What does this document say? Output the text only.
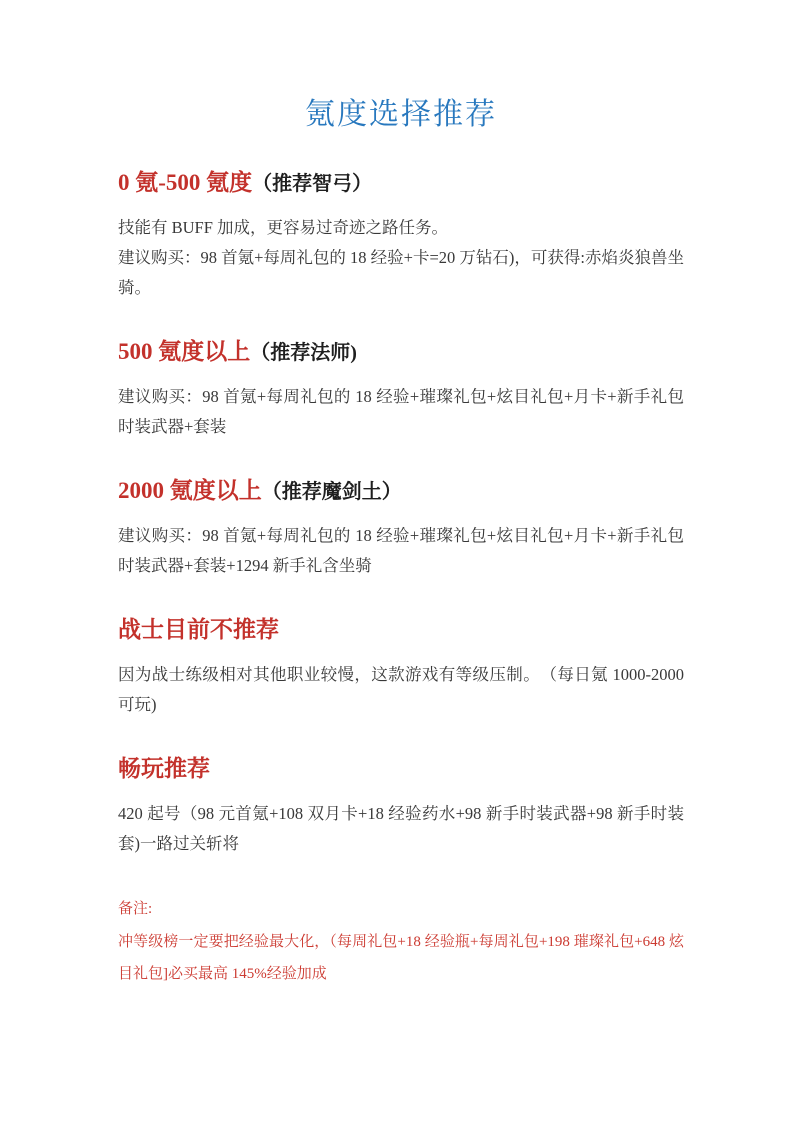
氪度选择推荐
0 氪-500 氪度（推荐智弓）

技能有 BUFF 加成，更容易过奇迹之路任务。

建议购买：98 首氪+每周礼包的 18 经验+卡=20 万钻石)，可获得:赤焰炎狼兽坐骑。

500 氪度以上（推荐法师)

建议购买：98 首氪+每周礼包的 18 经验+璀璨礼包+炫目礼包+月卡+新手礼包时装武器+套装

2000 氪度以上（推荐魔剑土）

建议购买：98 首氪+每周礼包的 18 经验+璀璨礼包+炫目礼包+月卡+新手礼包时装武器+套装+1294 新手礼含坐骑

战士目前不推荐

因为战士练级相对其他职业较慢，这款游戏有等级压制。　（每日氪 1000-2000 可玩)

畅玩推荐

420 起号（98 元首氪+108 双月卡+18 经验药水+98 新手时装武器+98 新手时装套)一路过关斩将

备注:

冲等级榜一定要把经验最大化，（每周礼包+18 经验瓶+每周礼包+198 璀璨礼包+648 炫目礼包]必买最高 145%经验加成
